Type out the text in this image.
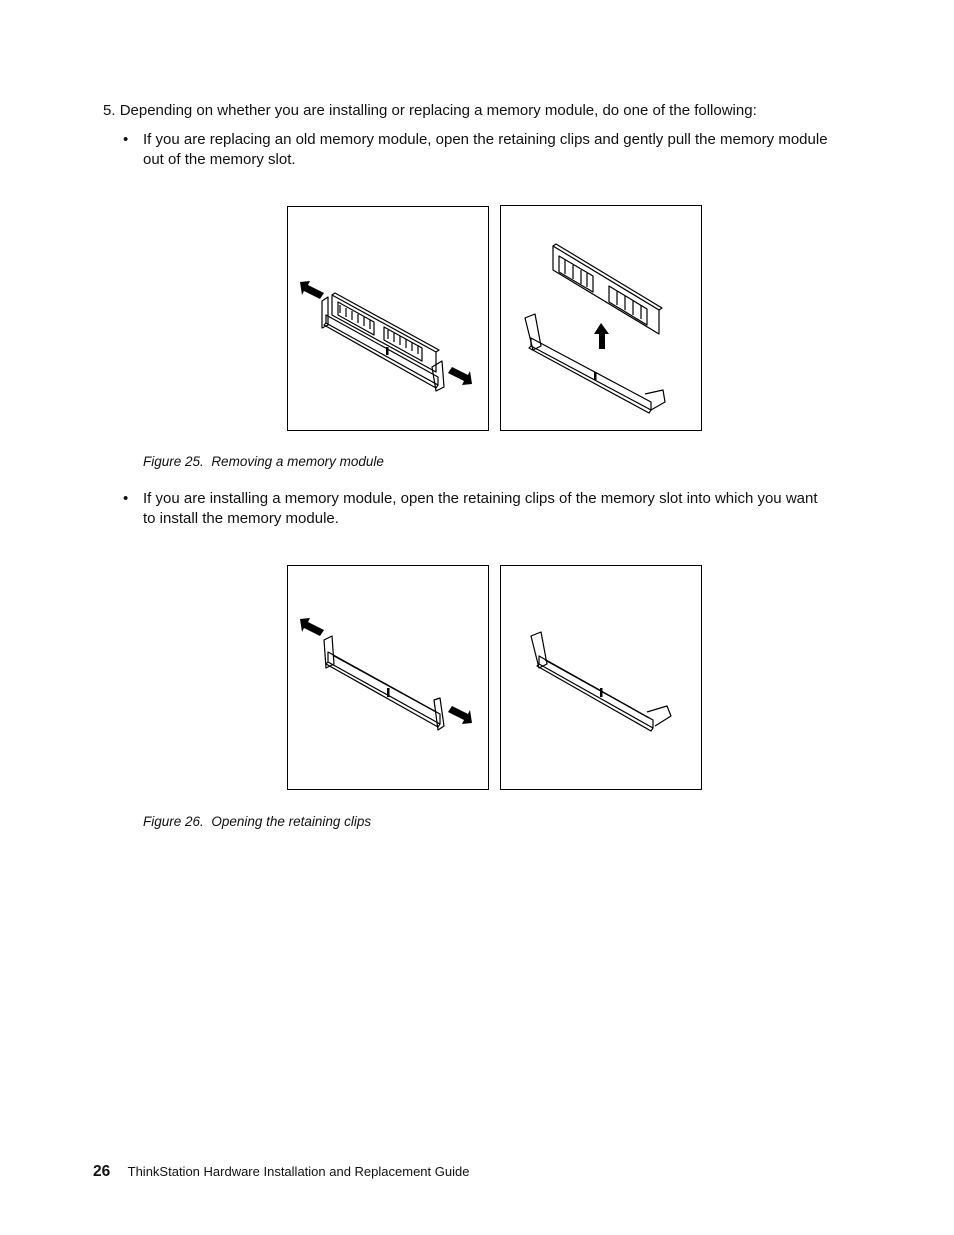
5. Depending on whether you are installing or replacing a memory module, do one of the following:
• If you are replacing an old memory module, open the retaining clips and gently pull the memory module out of the memory slot.
Figure 25. Removing a memory module
• If you are installing a memory module, open the retaining clips of the memory slot into which you want to install the memory module.
Figure 26. Opening the retaining clips
26 ThinkStation Hardware Installation and Replacement Guide
